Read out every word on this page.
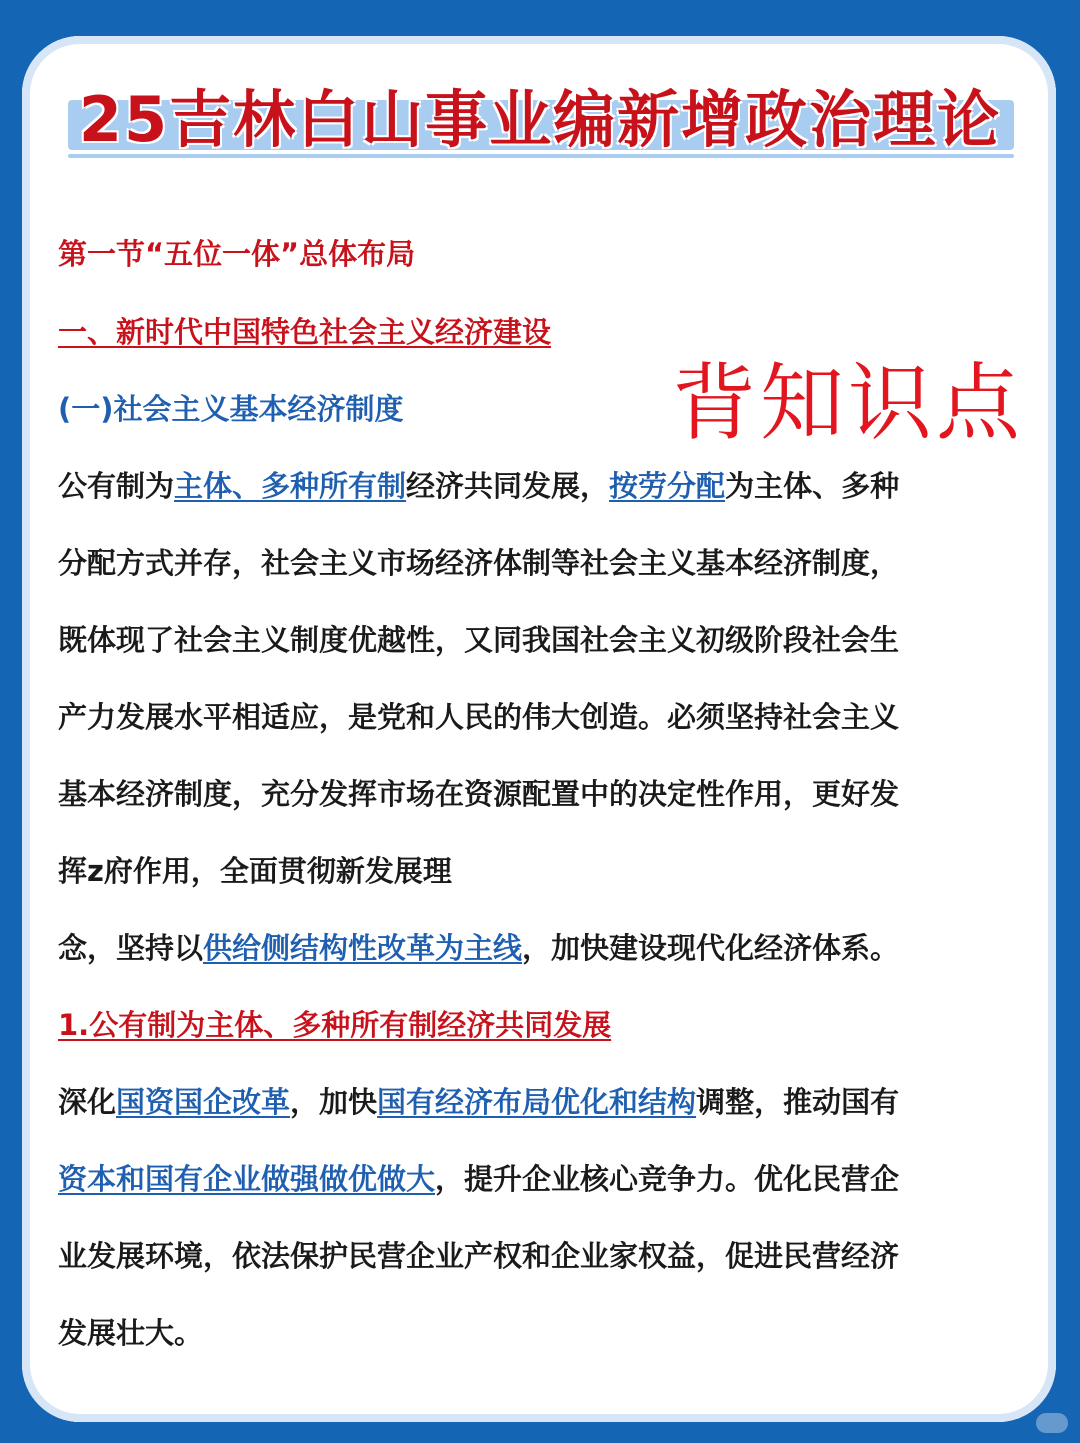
25吉林白山事业编新增政治理论
背知识点
第一节“五位一体”总体布局
一、新时代中国特色社会主义经济建设
(一)社会主义基本经济制度
公有制为主体、多种所有制经济共同发展，按劳分配为主体、多种
分配方式并存，社会主义市场经济体制等社会主义基本经济制度，
既体现了社会主义制度优越性，又同我国社会主义初级阶段社会生
产力发展水平相适应，是党和人民的伟大创造。必须坚持社会主义
基本经济制度，充分发挥市场在资源配置中的决定性作用，更好发
挥z府作用，全面贯彻新发展理
念，坚持以供给侧结构性改革为主线，加快建设现代化经济体系。
1.公有制为主体、多种所有制经济共同发展
深化国资国企改革，加快国有经济布局优化和结构调整，推动国有
资本和国有企业做强做优做大，提升企业核心竞争力。优化民营企
业发展环境，依法保护民营企业产权和企业家权益，促进民营经济
发展壮大。
